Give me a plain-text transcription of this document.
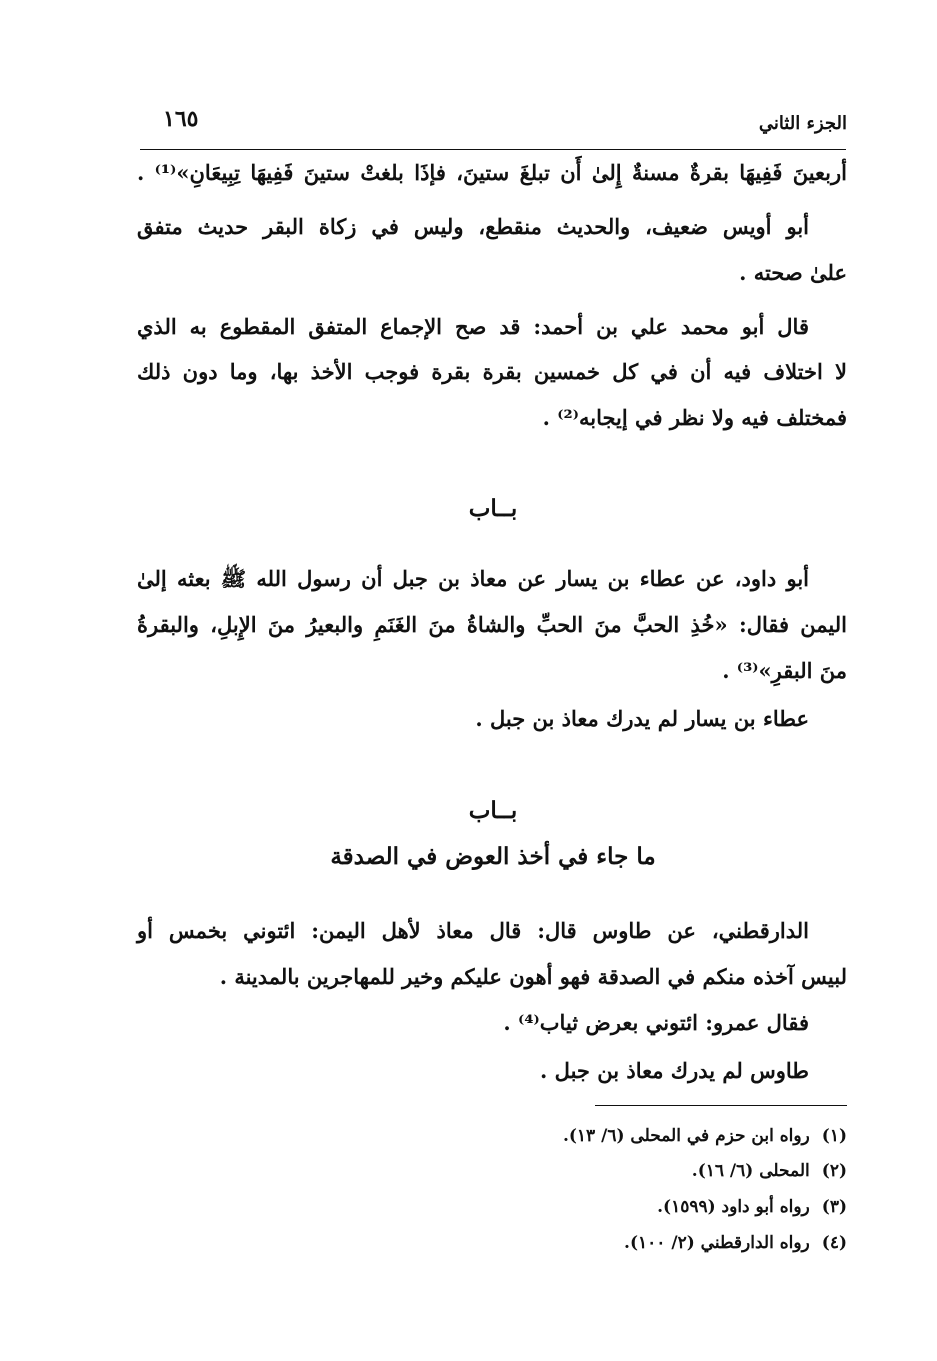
الجزء الثاني
١٦٥
أربعينَ فَفِيهَا بقرةٌ مسنةٌ إِلىٰ أَن تبلغَ ستينَ، فإذَا بلغتْ ستينَ فَفِيهَا تِبِيعَانِ»⁽¹⁾ .
أبو أويس ضعيف، والحديث منقطع، وليس في زكاة البقر حديث متفق
علىٰ صحته .
قال أبو محمد علي بن أحمد: قد صح الإجماع المتفق المقطوع به الذي
لا اختلاف فيه أن في كل خمسين بقرة بقرة فوجب الأخذ بها، وما دون ذلك
فمختلف فيه ولا نظر في إيجابه⁽²⁾ .
بــاب
أبو داود، عن عطاء بن يسار عن معاذ بن جبل أن رسول الله ﷺ بعثه إلىٰ
اليمن فقال: «خُذِ الحبَّ منَ الحبِّ والشاةُ منَ الغَنَمِ والبعيرُ منَ الإِبلِ، والبقرةُ
منَ البقرِ»⁽³⁾ .
عطاء بن يسار لم يدرك معاذ بن جبل .
بــاب
ما جاء في أخذ العوض في الصدقة
الدارقطني، عن طاوس قال: قال معاذ لأهل اليمن: ائتوني بخمس أو
لبيس آخذه منكم في الصدقة فهو أهون عليكم وخير للمهاجرين بالمدينة .
فقال عمرو: ائتوني بعرض ثياب⁽⁴⁾ .
طاوس لم يدرك معاذ بن جبل .
(١)رواه ابن حزم في المحلى (٦/ ١٣).
(٢)المحلى (٦/ ١٦).
(٣)رواه أبو داود (١٥٩٩).
(٤)رواه الدارقطني (٢/ ١٠٠).
